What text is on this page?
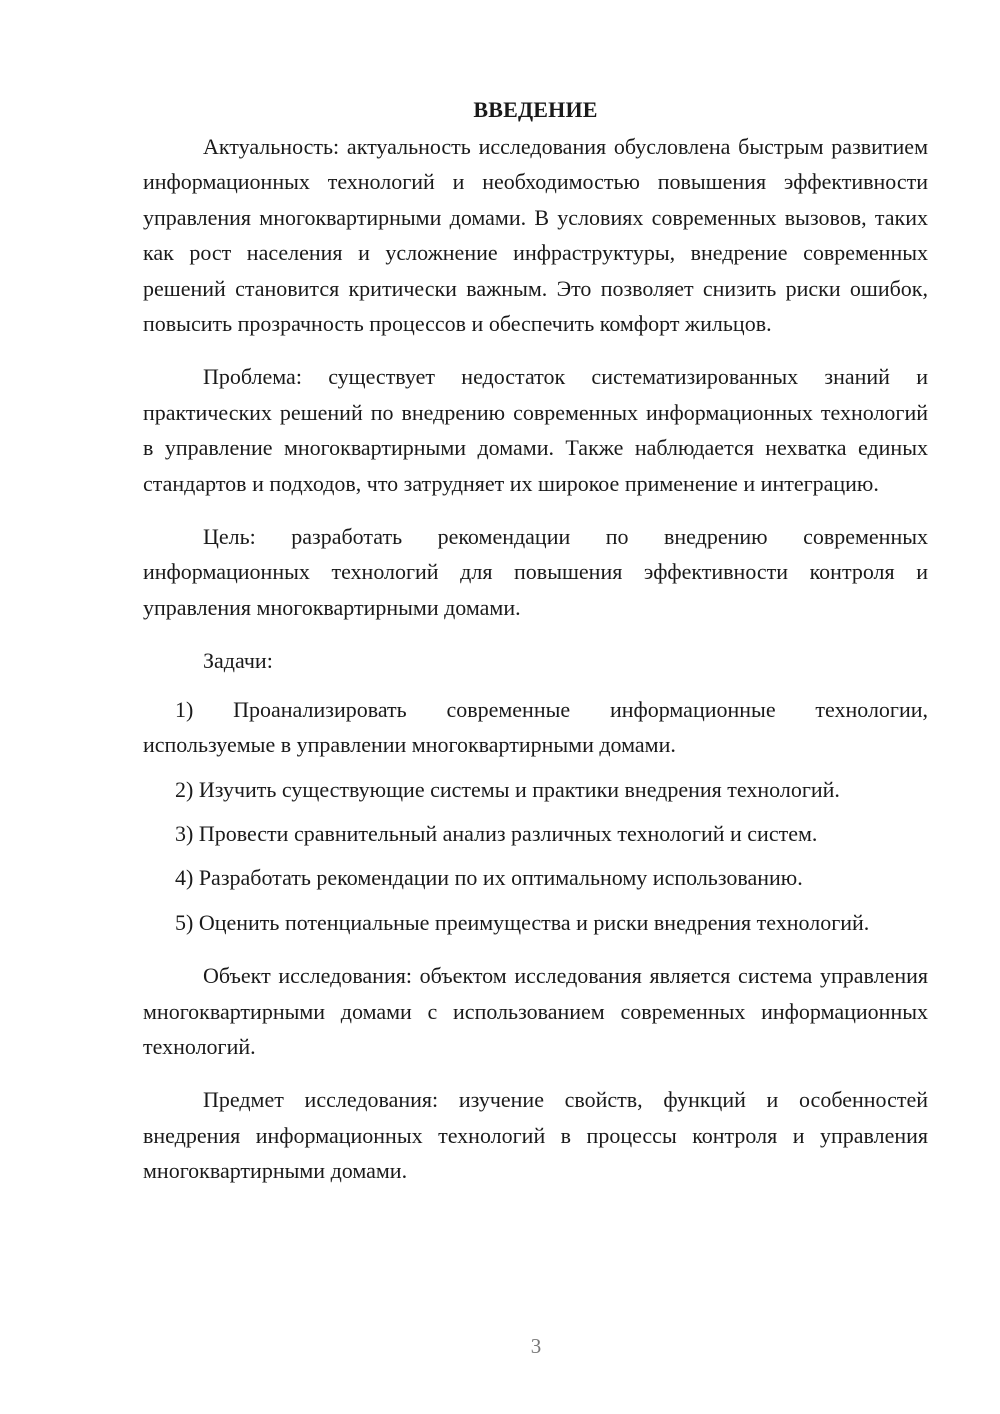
ВВЕДЕНИЕ

Актуальность: актуальность исследования обусловлена быстрым развитием информационных технологий и необходимостью повышения эффективности управления многоквартирными домами. В условиях современных вызовов, таких как рост населения и усложнение инфраструктуры, внедрение современных решений становится критически важным. Это позволяет снизить риски ошибок, повысить прозрачность процессов и обеспечить комфорт жильцов.

Проблема: существует недостаток систематизированных знаний и практических решений по внедрению современных информационных технологий в управление многоквартирными домами. Также наблюдается нехватка единых стандартов и подходов, что затрудняет их широкое применение и интеграцию.

Цель: разработать рекомендации по внедрению современных информационных технологий для повышения эффективности контроля и управления многоквартирными домами.

Задачи:

1) Проанализировать современные информационные технологии, используемые в управлении многоквартирными домами.

2) Изучить существующие системы и практики внедрения технологий.

3) Провести сравнительный анализ различных технологий и систем.

4) Разработать рекомендации по их оптимальному использованию.

5) Оценить потенциальные преимущества и риски внедрения технологий.

Объект исследования: объектом исследования является система управления многоквартирными домами с использованием современных информационных технологий.

Предмет исследования: изучение свойств, функций и особенностей внедрения информационных технологий в процессы контроля и управления многоквартирными домами.

3
